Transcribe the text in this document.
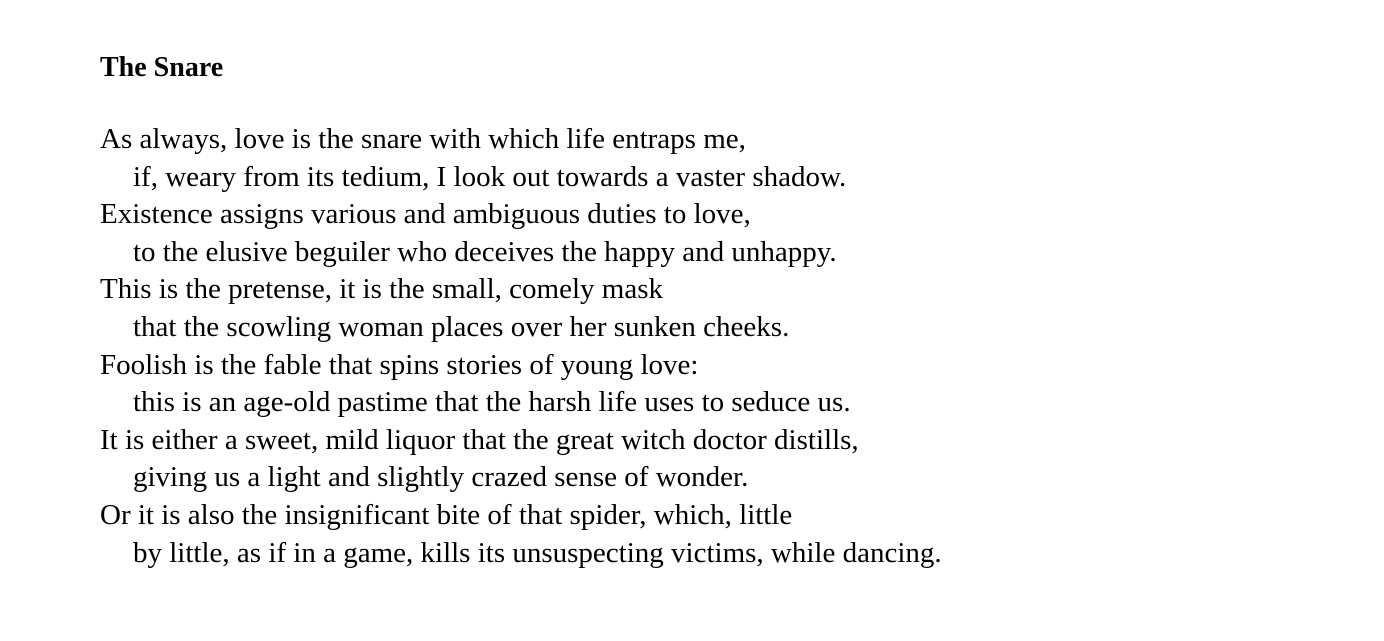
The Snare
As always, love is the snare with which life entraps me,
if, weary from its tedium, I look out towards a vaster shadow.
Existence assigns various and ambiguous duties to love,
to the elusive beguiler who deceives the happy and unhappy.
This is the pretense, it is the small, comely mask
that the scowling woman places over her sunken cheeks.
Foolish is the fable that spins stories of young love:
this is an age-old pastime that the harsh life uses to seduce us.
It is either a sweet, mild liquor that the great witch doctor distills,
giving us a light and slightly crazed sense of wonder.
Or it is also the insignificant bite of that spider, which, little
by little, as if in a game, kills its unsuspecting victims, while dancing.
